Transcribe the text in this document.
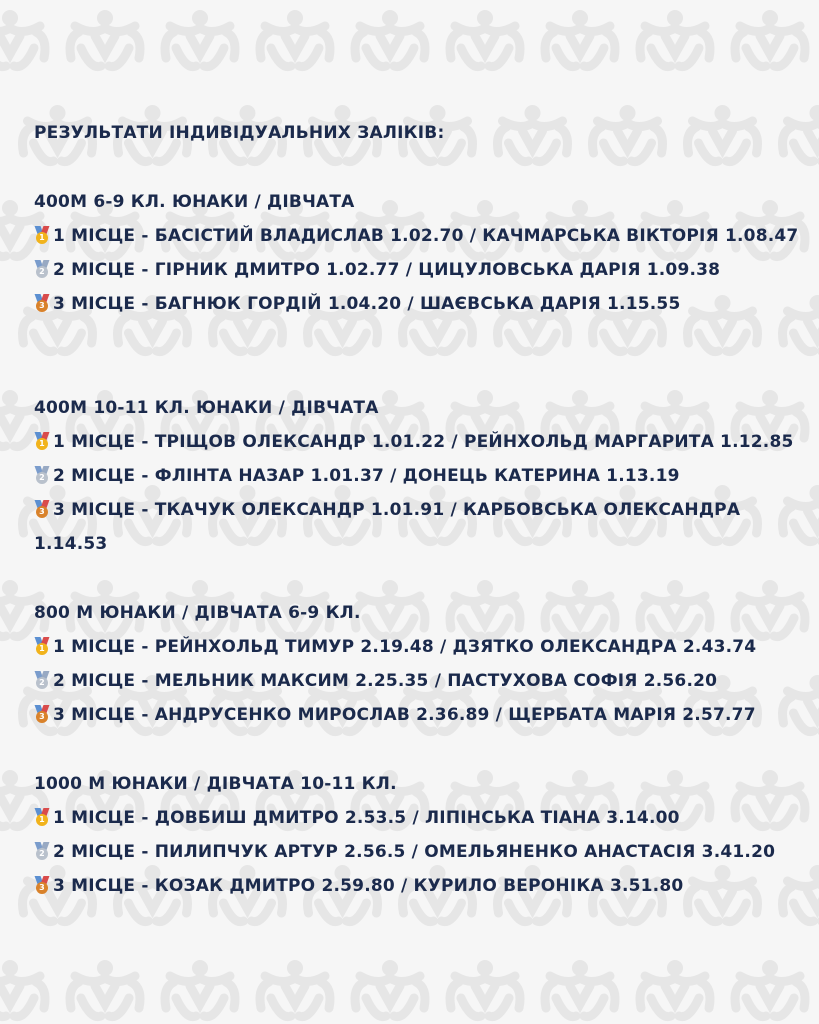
РЕЗУЛЬТАТИ ІНДИВІДУАЛЬНИХ ЗАЛІКІВ:
400М 6-9 КЛ. ЮНАКИ / ДІВЧАТА
1 1 МІСЦЕ - БАСІСТИЙ ВЛАДИСЛАВ 1.02.70 / КАЧМАРСЬКА ВІКТОРІЯ 1.08.47
2 2 МІСЦЕ - ГІРНИК ДМИТРО 1.02.77 / ЦИЦУЛОВСЬКА ДАРІЯ 1.09.38
3 3 МІСЦЕ - БАГНЮК ГОРДІЙ 1.04.20 / ШАЄВСЬКА ДАРІЯ 1.15.55
400М 10-11 КЛ. ЮНАКИ / ДІВЧАТА
1 1 МІСЦЕ - ТРІЩОВ ОЛЕКСАНДР 1.01.22 / РЕЙНХОЛЬД МАРГАРИТА 1.12.85
2 2 МІСЦЕ - ФЛІНТА НАЗАР 1.01.37 / ДОНЕЦЬ КАТЕРИНА 1.13.19
3 3 МІСЦЕ - ТКАЧУК ОЛЕКСАНДР 1.01.91 / КАРБОВСЬКА ОЛЕКСАНДРА 1.14.53
800 М ЮНАКИ / ДІВЧАТА 6-9 КЛ.
1 1 МІСЦЕ - РЕЙНХОЛЬД ТИМУР 2.19.48 / ДЗЯТКО ОЛЕКСАНДРА 2.43.74
2 2 МІСЦЕ - МЕЛЬНИК МАКСИМ 2.25.35 / ПАСТУХОВА СОФІЯ 2.56.20
3 3 МІСЦЕ - АНДРУСЕНКО МИРОСЛАВ 2.36.89 / ЩЕРБАТА МАРІЯ 2.57.77
1000 М ЮНАКИ / ДІВЧАТА 10-11 КЛ.
1 1 МІСЦЕ - ДОВБИШ ДМИТРО 2.53.5 / ЛІПІНСЬКА ТІАНА 3.14.00
2 2 МІСЦЕ - ПИЛИПЧУК АРТУР 2.56.5 / ОМЕЛЬЯНЕНКО АНАСТАСІЯ 3.41.20
3 3 МІСЦЕ - КОЗАК ДМИТРО 2.59.80 / КУРИЛО ВЕРОНІКА 3.51.80
